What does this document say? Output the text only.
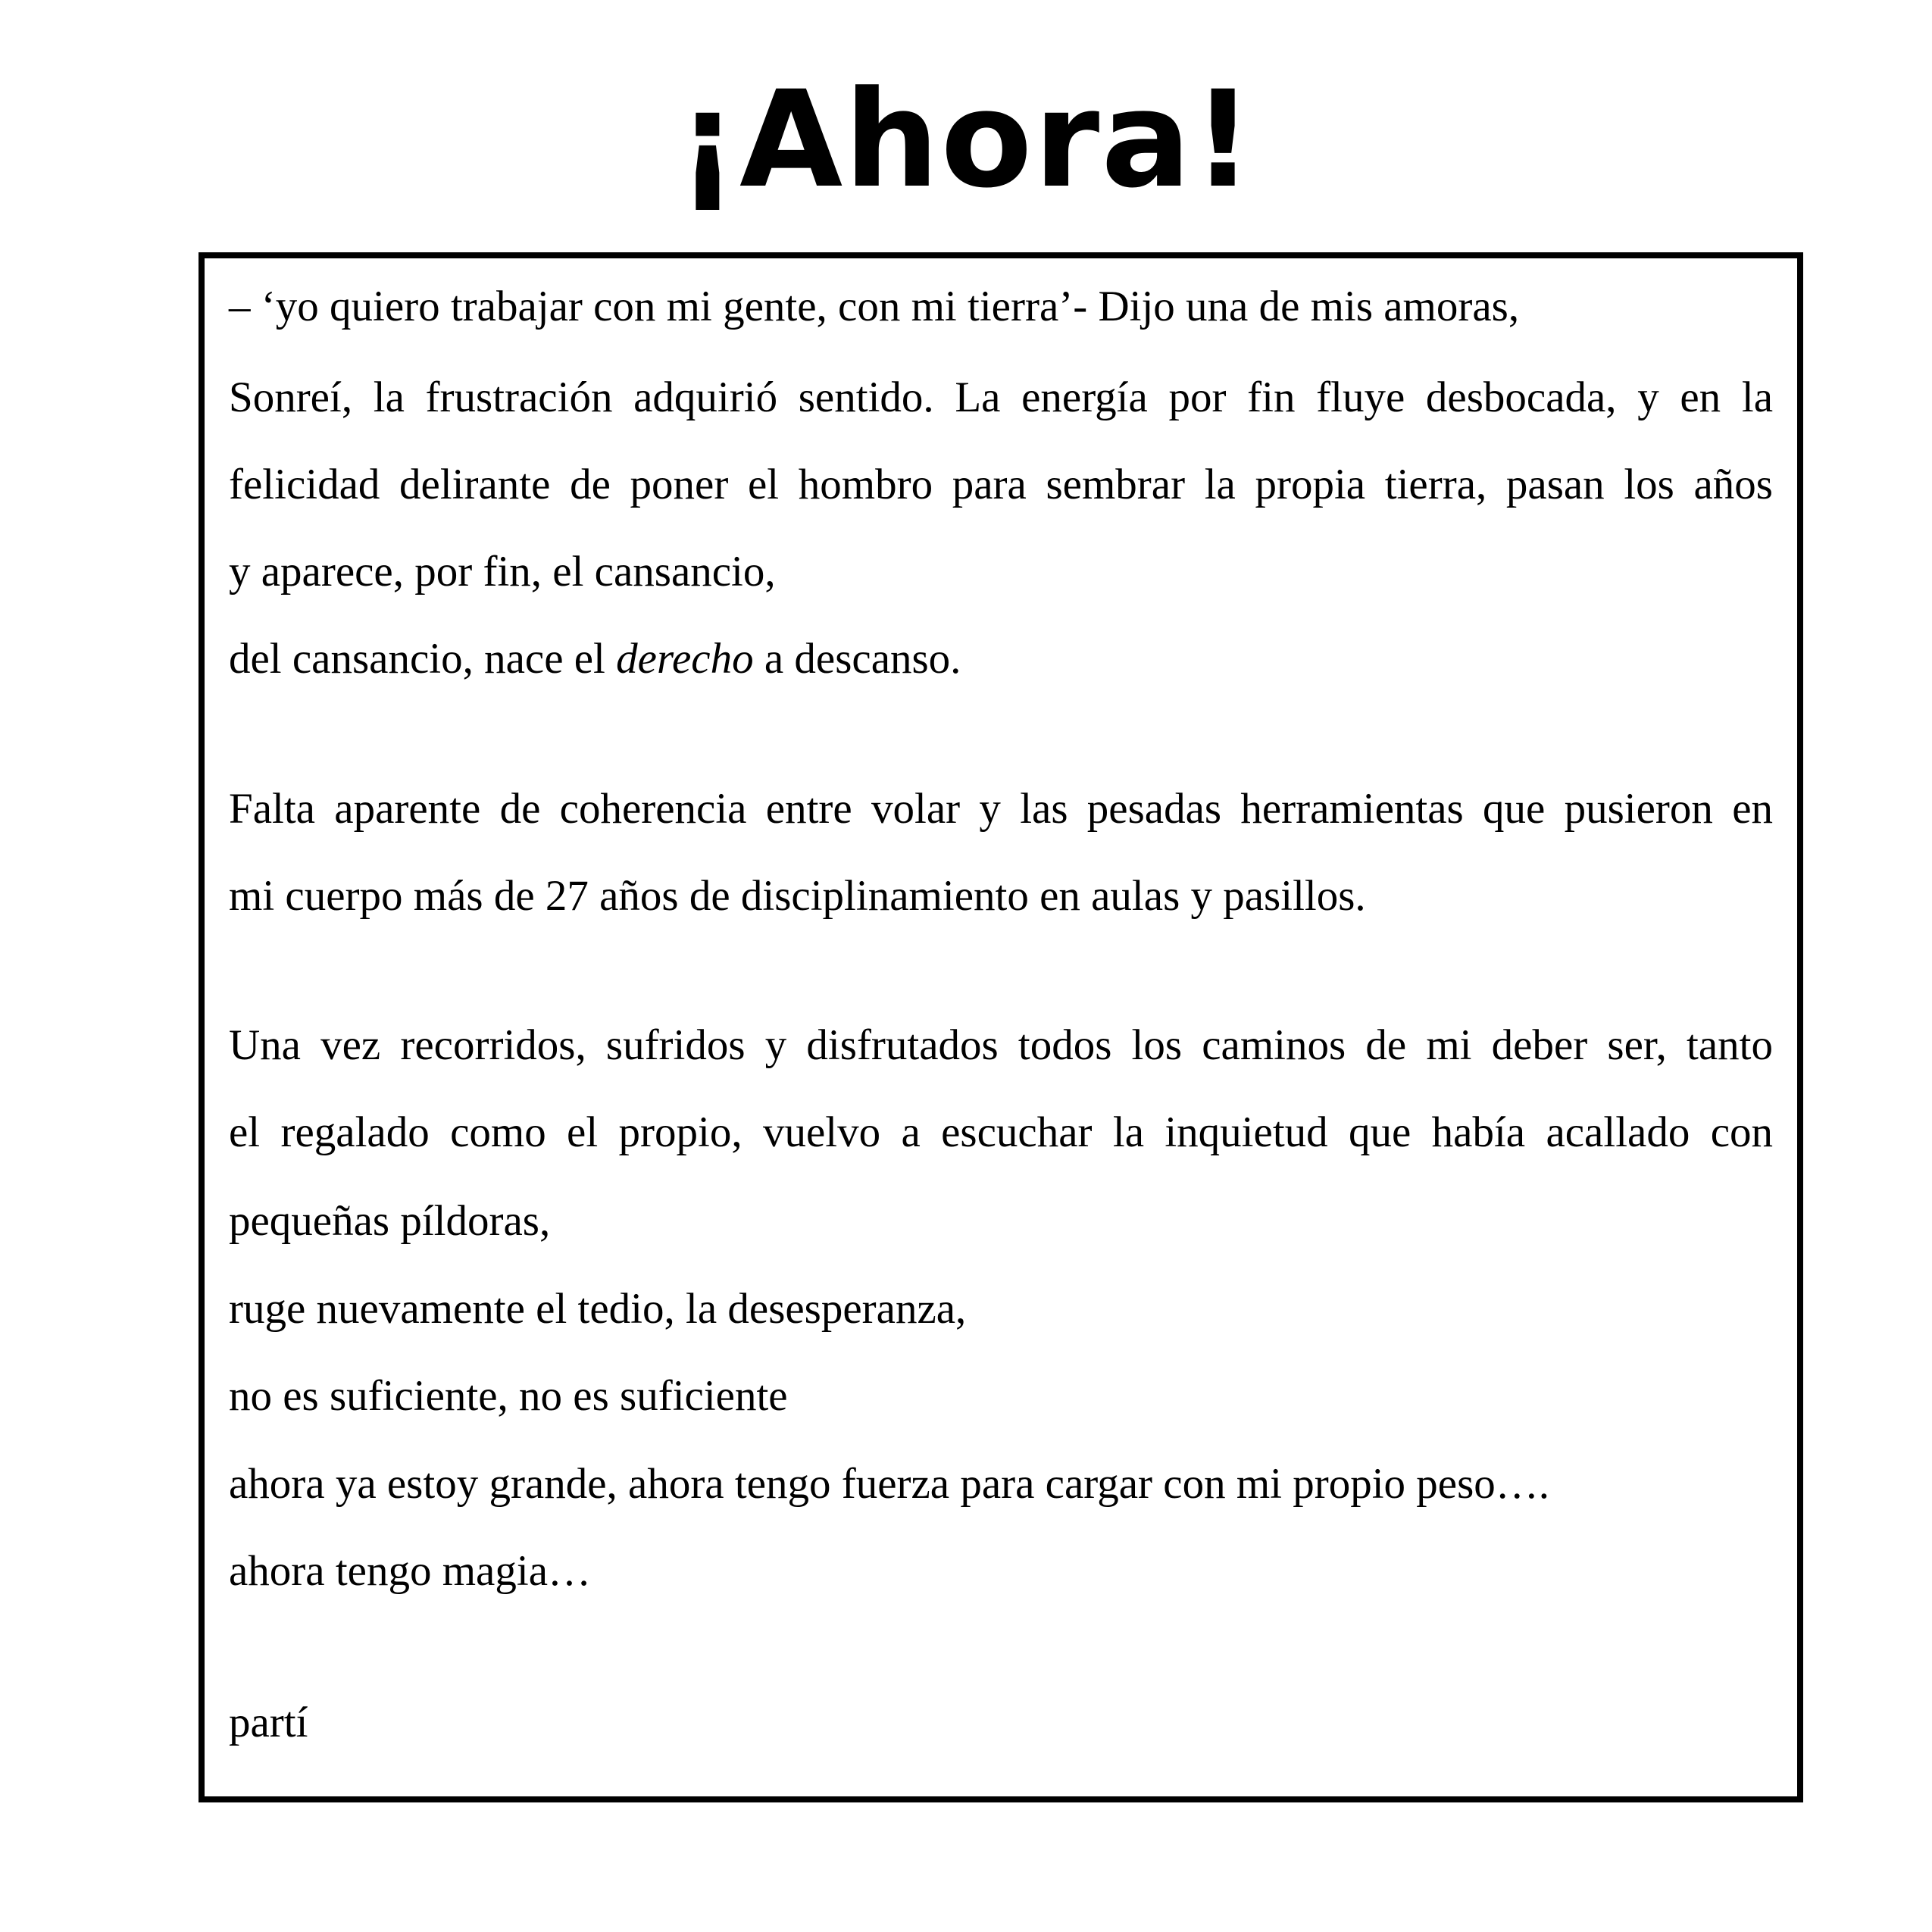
¡Ahora!

– ‘yo quiero trabajar con mi gente, con mi tierra’- Dijo una de mis amoras,

Sonreí, la frustración adquirió sentido. La energía por fin fluye desbocada, y en la

felicidad delirante de poner el hombro para sembrar la propia tierra, pasan los años

y aparece, por fin, el cansancio,

del cansancio, nace el derecho a descanso.

Falta aparente de coherencia entre volar y las pesadas herramientas que pusieron en

mi cuerpo más de 27 años de disciplinamiento en aulas y pasillos.

Una vez recorridos, sufridos y disfrutados todos los caminos de mi deber ser, tanto

el regalado como el propio, vuelvo a escuchar la inquietud que había acallado con

pequeñas píldoras,

ruge nuevamente el tedio, la desesperanza,

no es suficiente, no es suficiente

ahora ya estoy grande, ahora tengo fuerza para cargar con mi propio peso….

ahora tengo magia…

partí
